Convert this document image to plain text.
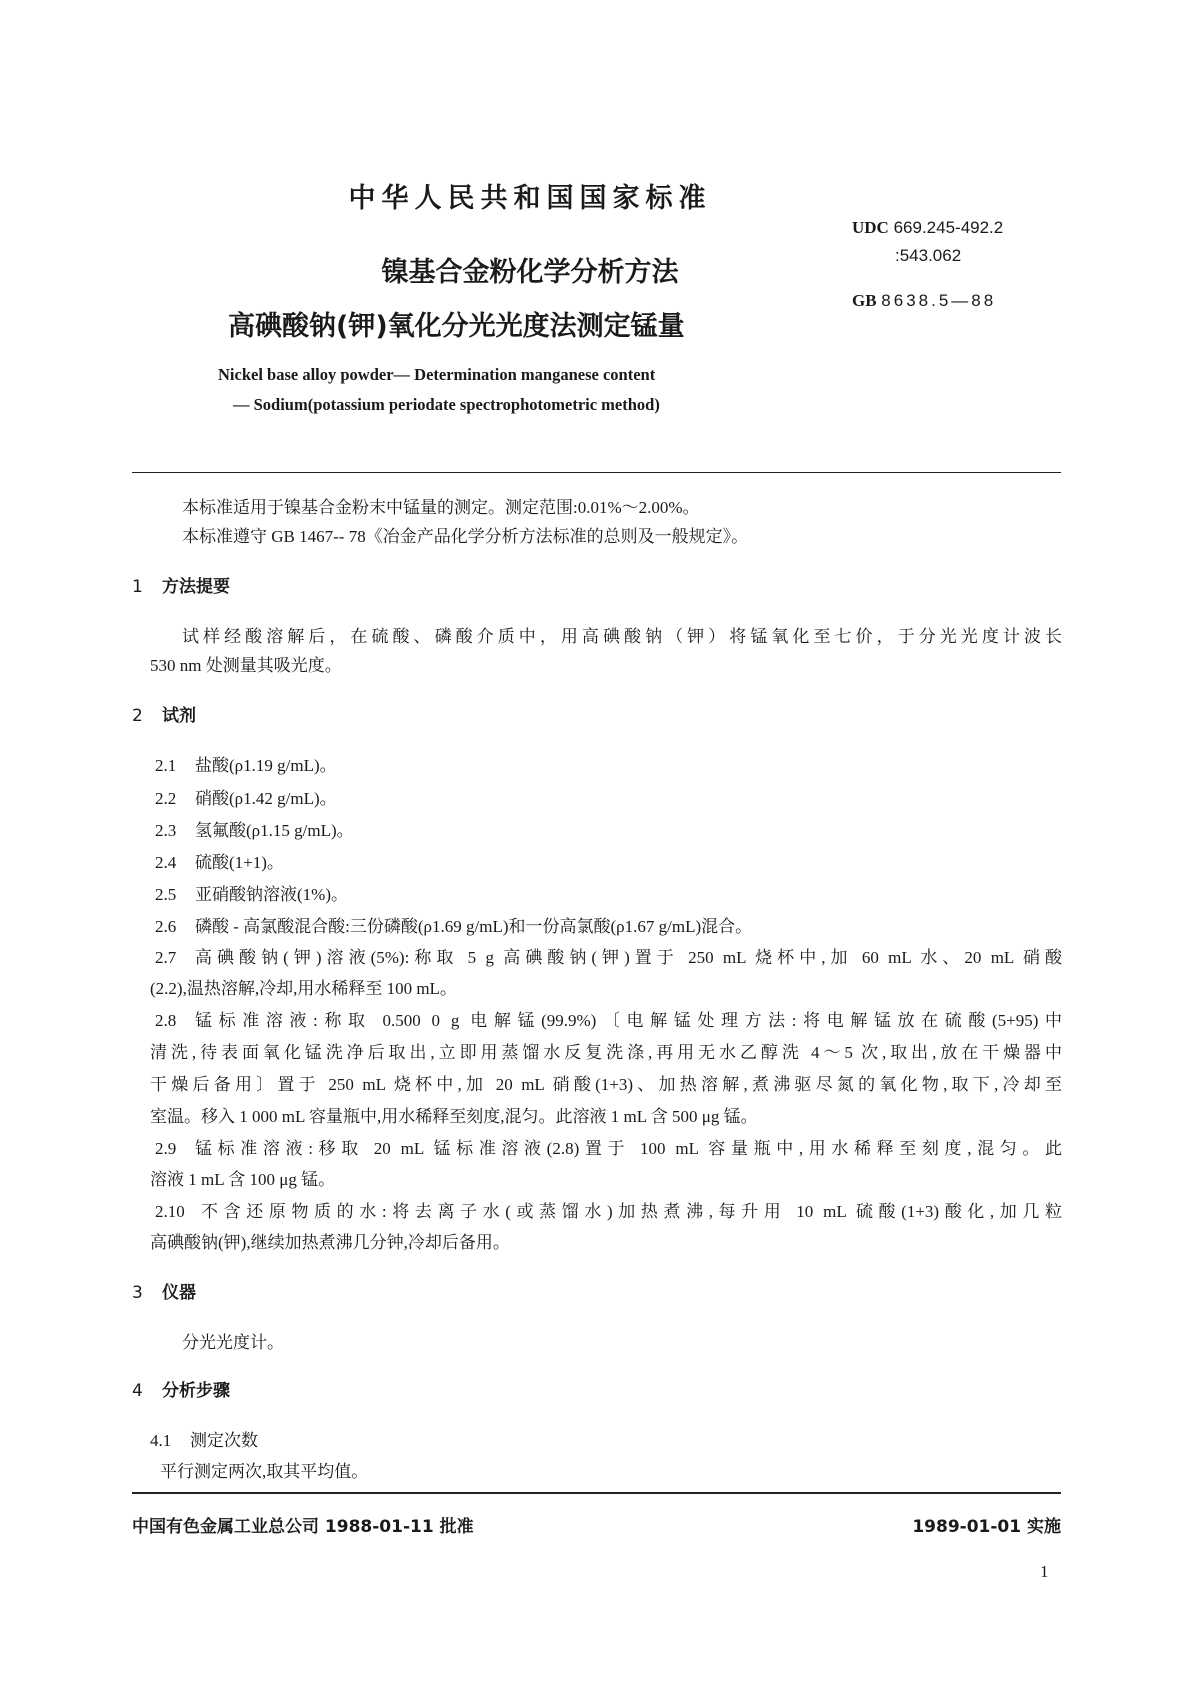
中华人民共和国国家标准
UDC 669.245-492.2
:543.062
GB 8638.5—88
镍基合金粉化学分析方法
高碘酸钠(钾)氧化分光光度法测定锰量
Nickel base alloy powder— Determination manganese content
— Sodium(potassium periodate spectrophotometric method)
本标准适用于镍基合金粉末中锰量的测定。测定范围:0.01%～2.00%。
本标准遵守 GB 1467-- 78《冶金产品化学分析方法标准的总则及一般规定》。
1 方法提要
试样经酸溶解后，在硫酸、磷酸介质中，用高碘酸钠（钾）将锰氧化至七价，于分光光度计波长
530 nm 处测量其吸光度。
2 试剂
2.1 盐酸(ρ1.19 g/mL)。
2.2 硝酸(ρ1.42 g/mL)。
2.3 氢氟酸(ρ1.15 g/mL)。
2.4 硫酸(1+1)。
2.5 亚硝酸钠溶液(1%)。
2.6 磷酸 - 高氯酸混合酸:三份磷酸(ρ1.69 g/mL)和一份高氯酸(ρ1.67 g/mL)混合。
2.7	高碘酸钠(钾)溶液(5%):称取 5 g 高碘酸钠(钾)置于 250 mL 烧杯中,加 60 mL 水、20 mL 硝酸
(2.2),温热溶解,冷却,用水稀释至 100 mL。
2.8	锰标准溶液:称取 0.500 0 g 电解锰(99.9%)〔电解锰处理方法:将电解锰放在硫酸(5+95)中
清洗,待表面氧化锰洗净后取出,立即用蒸馏水反复洗涤,再用无水乙醇洗 4～5 次,取出,放在干燥器中
干燥后备用〕置于 250 mL 烧杯中,加 20 mL 硝酸(1+3)、加热溶解,煮沸驱尽氮的氧化物,取下,冷却至
室温。移入 1 000 mL 容量瓶中,用水稀释至刻度,混匀。此溶液 1 mL 含 500 μg 锰。
2.9	锰标准溶液:移取 20 mL 锰标准溶液(2.8)置于 100 mL 容量瓶中,用水稀释至刻度,混匀。此
溶液 1 mL 含 100 μg 锰。
2.10 不含还原物质的水:将去离子水(或蒸馏水)加热煮沸,每升用 10 mL 硫酸(1+3)酸化,加几粒
高碘酸钠(钾),继续加热煮沸几分钟,冷却后备用。
3 仪器
分光光度计。
4 分析步骤
4.1 测定次数
平行测定两次,取其平均值。
中国有色金属工业总公司 1988-01-11 批准	1989-01-01 实施
1
